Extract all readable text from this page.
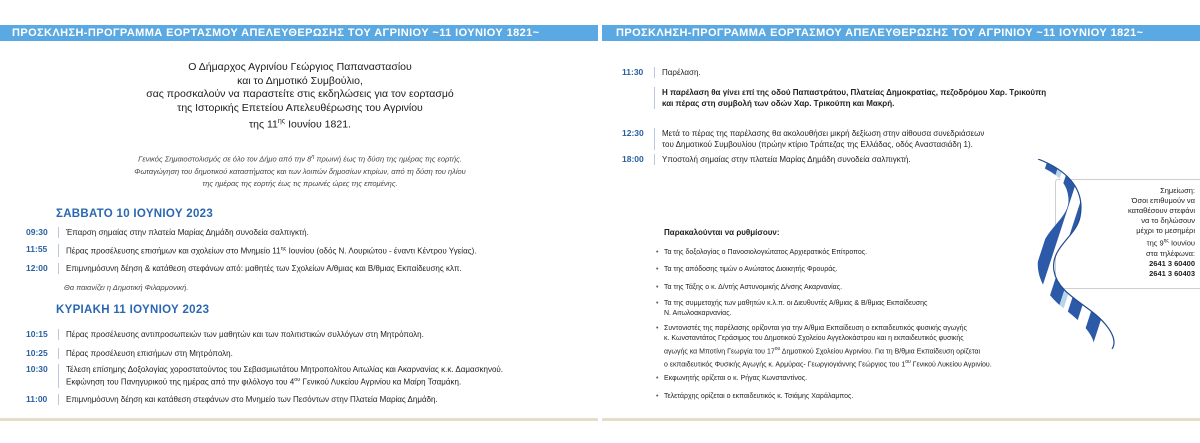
ΠΡΟΣΚΛΗΣΗ-ΠΡΟΓΡΑΜΜΑ ΕΟΡΤΑΣΜΟΥ ΑΠΕΛΕΥΘΕΡΩΣΗΣ ΤΟΥ ΑΓΡΙΝΙΟΥ ~11 ΙΟΥΝΙΟΥ 1821~	ΠΡΟΣΚΛΗΣΗ-ΠΡΟΓΡΑΜΜΑ ΕΟΡΤΑΣΜΟΥ ΑΠΕΛΕΥΘΕΡΩΣΗΣ ΤΟΥ ΑΓΡΙΝΙΟΥ ~11 ΙΟΥΝΙΟΥ 1821~
Ο Δήμαρχος Αγρινίου Γεώργιος Παπαναστασίου
και το Δημοτικό Συμβούλιο,
σας προσκαλούν να παραστείτε στις εκδηλώσεις για τον εορτασμό
της Ιστορικής Επετείου Απελευθέρωσης του Αγρινίου
της $11^{\eta\varsigma}$ Ιουνίου 1821.
Γενικός Σημαιοστολισμός σε όλο τον Δήμο από την $8^\eta$ πρωινή έως τη δύση της ημέρας της εορτής.
Φωταγώγηση του δημοτικού καταστήματος και των λοιπών δημοσίων κτιρίων, από τη δύση του ηλίου
της ημέρας της εορτής έως τις πρωινές ώρες της επομένης.
ΣΑΒΒΑΤΟ 10 ΙΟΥΝΙΟΥ 2023
09:30	Έπαρση σημαίας στην πλατεία Μαρίας Δημάδη συνοδεία σαλπιγκτή.
11:55	Πέρας προσέλευσης επισήμων και σχολείων στο Μνημείο $11^{\eta\varsigma}$ Ιουνίου (οδός Ν. Λουριώτου - έναντι Κέντρου Υγείας).
12:00	Επιμνημόσυνη δέηση & κατάθεση στεφάνων από: μαθητές των Σχολείων Α/θμιας και Β/θμιας Εκπαίδευσης κλπ.
Θα παιανίζει η Δημοτική Φιλαρμονική.
ΚΥΡΙΑΚΗ 11 ΙΟΥΝΙΟΥ 2023
10:15	Πέρας προσέλευσης αντιπροσωπειών των μαθητών και των πολιτιστικών συλλόγων στη Μητρόπολη.
10:25	Πέρας προσέλευση επισήμων στη Μητρόπολη.
10:30	Τέλεση επίσημης Δοξολογίας χοροστατούντος του Σεβασμιωτάτου Μητροπολίτου Αιτωλίας και Ακαρνανίας κ.κ. Δαμασκηνού.
Εκφώνηση του Πανηγυρικού της ημέρας από την φιλόλογο του $4^{o\upsilon}$ Γενικού Λυκείου Αγρινίου κα Μαίρη Τσαμάκη.
11:00	Επιμνημόσυνη δέηση και κατάθεση στεφάνων στο Μνημείο των Πεσόντων στην Πλατεία Μαρίας Δημάδη.
11:30	Παρέλαση.
Η παρέλαση θα γίνει επί της οδού Παπαστράτου, Πλατείας Δημοκρατίας, πεζοδρόμου Χαρ. Τρικούπη
και πέρας στη συμβολή των οδών Χαρ. Τρικούπη και Μακρή.
12:30	Μετά το πέρας της παρέλασης θα ακολουθήσει μικρή δεξίωση στην αίθουσα συνεδριάσεων
του Δημοτικού Συμβουλίου (πρώην κτίριο Τράπεζας της Ελλάδας, οδός Αναστασιάδη 1).
18:00	Υποστολή σημαίας στην πλατεία Μαρίας Δημάδη συνοδεία σαλπιγκτή.
Παρακαλούνται να ρυθμίσουν:
• Τα της δοξολογίας ο Πανοσιολογιώτατος Αρχιερατικός Επίτροπος.
• Τα της απόδοσης τιμών ο Ανώτατος Διοικητής Φρουράς.
• Τα της Τάξης ο κ. Δ/ντής Αστυνομικής Δ/νσης Ακαρνανίας.
• Τα της συμμετοχής των μαθητών κ.λ.π. οι Διευθυντές Α/θμιας & Β/θμιας Εκπαίδευσης
Ν. Αιτωλοακαρνανίας.
• Συντονιστές της παρέλασης ορίζονται για την Α/θμια Εκπαίδευση ο εκπαιδευτικός φυσικής αγωγής
κ. Κωνσταντάτος Γεράσιμος του Δημοτικού Σχολείου Αγγελοκάστρου και η εκπαιδευτικός φυσικής
αγωγής κα Μποτίνη Γεωργία του $17^{o\upsilon}$ Δημοτικού Σχολείου Αγρινίου. Για τη Β/θμια Εκπαίδευση ορίζεται
ο εκπαιδευτικός Φυσικής Αγωγής κ. Αρμύρας- Γεωργιογιάννης Γεώργιος του $1^{o\upsilon}$ Γενικού Λυκείου Αγρινίου.
• Εκφωνητής ορίζεται ο κ. Ρήγας Κωνσταντίνος.
• Τελετάρχης ορίζεται ο εκπαιδευτικός κ. Τσιάμης Χαράλαμπος.
Σημείωση:
Όσοι επιθυμούν να
καταθέσουν στεφάνι
να το δηλώσουν
μέχρι το μεσημέρι
της $9^{\eta\varsigma}$ Ιουνίου
στα τηλέφωνα:
2641 3 60400
2641 3 60403
